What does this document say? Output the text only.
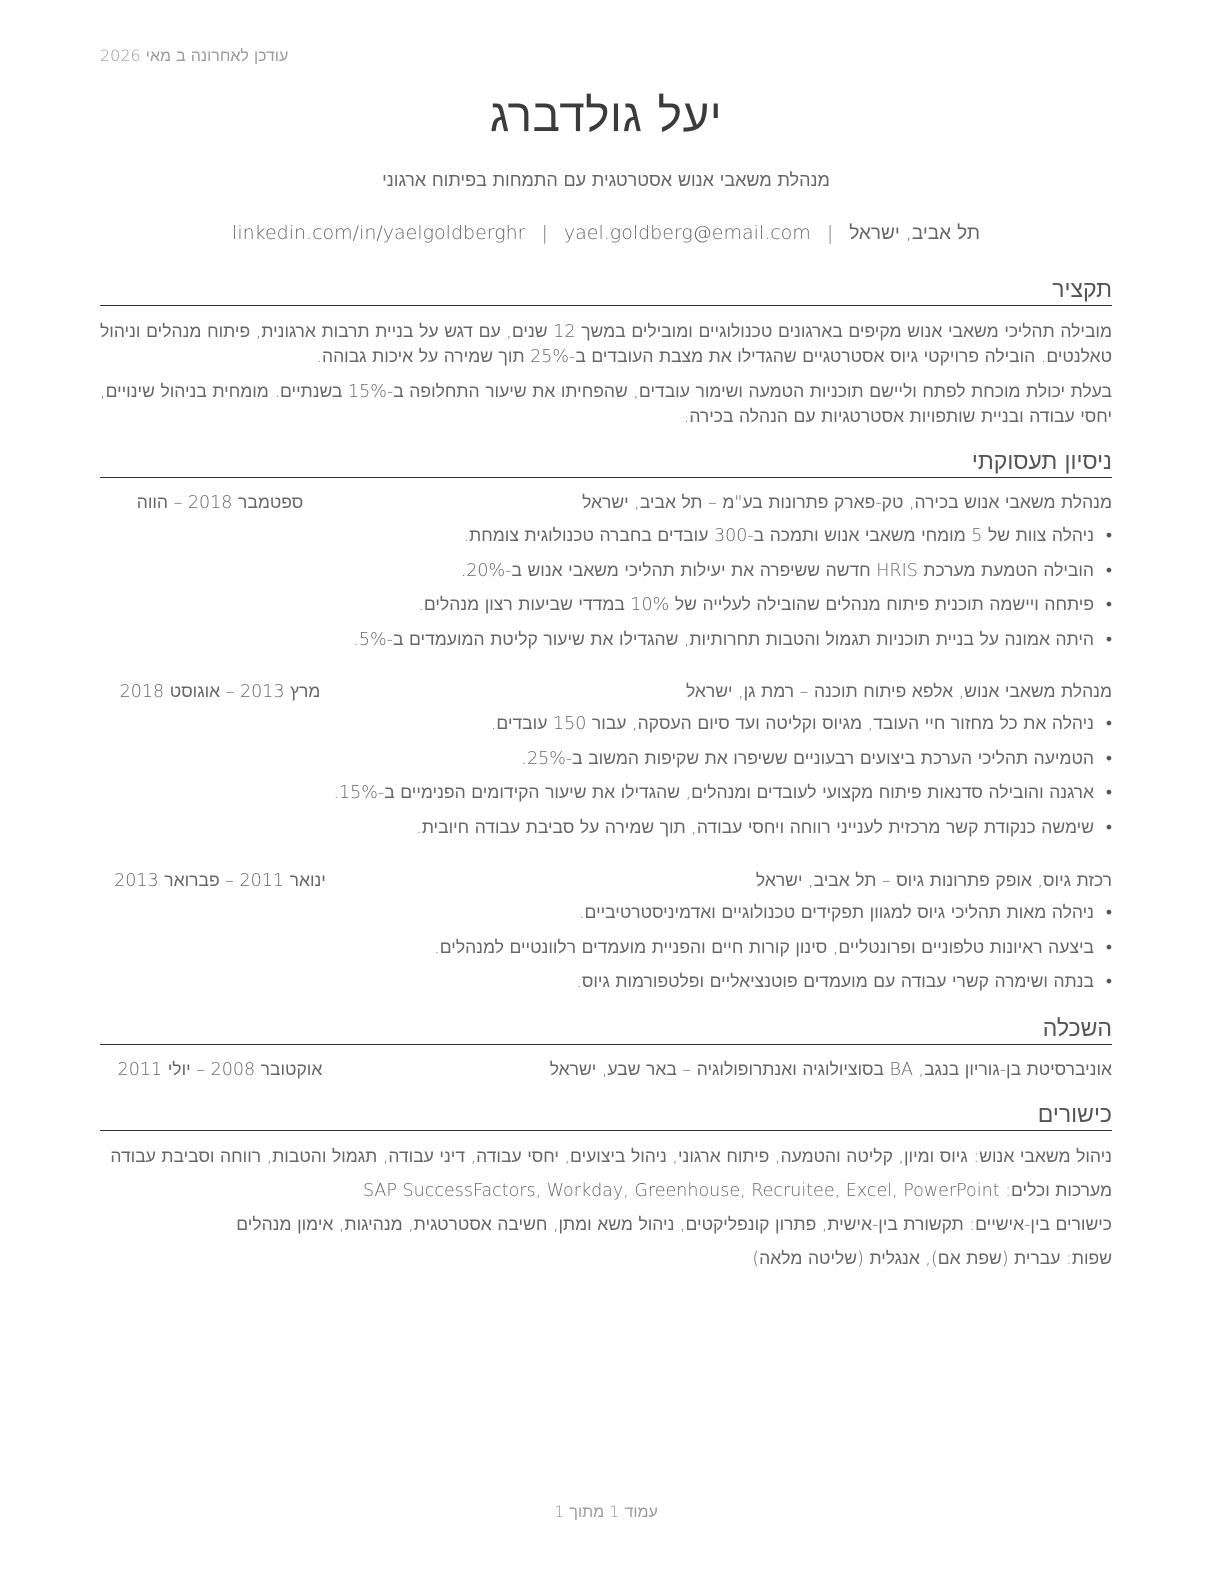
עודכן לאחרונה ב מאי 2026
יעל גולדברג
מנהלת משאבי אנוש אסטרטגית עם התמחות בפיתוח ארגוני
תל אביב, ישראל|yael.goldberg@email.com|linkedin.com/in/yaelgoldberghr
תקציר
מובילה תהליכי משאבי אנוש מקיפים בארגונים טכנולוגיים ומובילים במשך 12 שנים, עם דגש על בניית תרבות ארגונית, פיתוח מנהלים וניהול טאלנטים. הובילה פרויקטי גיוס אסטרטגיים שהגדילו את מצבת העובדים ב-25% תוך שמירה על איכות גבוהה.
בעלת יכולת מוכחת לפתח וליישם תוכניות הטמעה ושימור עובדים, שהפחיתו את שיעור התחלופה ב-15% בשנתיים. מומחית בניהול שינויים, יחסי עבודה ובניית שותפויות אסטרטגיות עם הנהלה בכירה.
ניסיון תעסוקתי
מנהלת משאבי אנוש בכירה, טק-פארק פתרונות בע"מ – תל אביב, ישראל
ספטמבר 2018 – הווה
•
ניהלה צוות של 5 מומחי משאבי אנוש ותמכה ב-300 עובדים בחברה טכנולוגית צומחת.
•
הובילה הטמעת מערכת HRIS חדשה ששיפרה את יעילות תהליכי משאבי אנוש ב-20%.
•
פיתחה ויישמה תוכנית פיתוח מנהלים שהובילה לעלייה של 10% במדדי שביעות רצון מנהלים.
•
היתה אמונה על בניית תוכניות תגמול והטבות תחרותיות, שהגדילו את שיעור קליטת המועמדים ב-5%.
מנהלת משאבי אנוש, אלפא פיתוח תוכנה – רמת גן, ישראל
מרץ 2013 – אוגוסט 2018
•
ניהלה את כל מחזור חיי העובד, מגיוס וקליטה ועד סיום העסקה, עבור 150 עובדים.
•
הטמיעה תהליכי הערכת ביצועים רבעוניים ששיפרו את שקיפות המשוב ב-25%.
•
ארגנה והובילה סדנאות פיתוח מקצועי לעובדים ומנהלים, שהגדילו את שיעור הקידומים הפנימיים ב-15%.
•
שימשה כנקודת קשר מרכזית לענייני רווחה ויחסי עבודה, תוך שמירה על סביבת עבודה חיובית.
רכזת גיוס, אופק פתרונות גיוס – תל אביב, ישראל
ינואר 2011 – פברואר 2013
•
ניהלה מאות תהליכי גיוס למגוון תפקידים טכנולוגיים ואדמיניסטרטיביים.
•
ביצעה ראיונות טלפוניים ופרונטליים, סינון קורות חיים והפניית מועמדים רלוונטיים למנהלים.
•
בנתה ושימרה קשרי עבודה עם מועמדים פוטנציאליים ופלטפורמות גיוס.
השכלה
אוניברסיטת בן-גוריון בנגב, BA בסוציולוגיה ואנתרופולוגיה – באר שבע, ישראל
אוקטובר 2008 – יולי 2011
כישורים
ניהול משאבי אנוש: גיוס ומיון, קליטה והטמעה, פיתוח ארגוני, ניהול ביצועים, יחסי עבודה, דיני עבודה, תגמול והטבות, רווחה וסביבת עבודה
מערכות וכלים: SAP SuccessFactors, Workday, Greenhouse, Recruitee, Excel, PowerPoint
כישורים בין-אישיים: תקשורת בין-אישית, פתרון קונפליקטים, ניהול משא ומתן, חשיבה אסטרטגית, מנהיגות, אימון מנהלים
שפות: עברית (שפת אם), אנגלית (שליטה מלאה)
עמוד 1 מתוך 1
